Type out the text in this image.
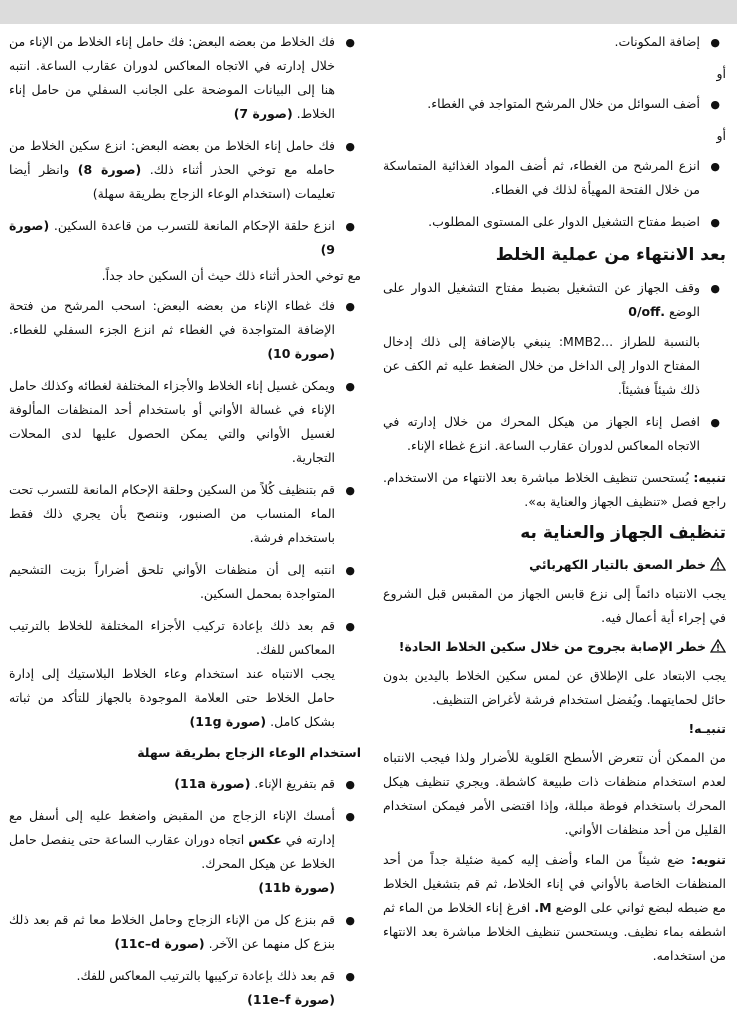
●
إضافة المكونات.
أو
●
أضف السوائل من خلال المرشح المتواجد في الغطاء.
أو
●
انزع المرشح من الغطاء، ثم أضف المواد الغذائية المتماسكة من خلال الفتحة المهيأة لذلك في الغطاء.
●
اضبط مفتاح التشغيل الدوار على المستوى المطلوب.
بعد الانتهاء من عملية الخلط
●
وقف الجهاز عن التشغيل بضبط مفتاح التشغيل الدوار على الوضع 0/off.
بالنسبة للطراز ...MMB2: ينبغي بالإضافة إلى ذلك إدخال المفتاح الدوار إلى الداخل من خلال الضغط عليه ثم الكف عن ذلك شيئاً فشيئاً.
●
افصل إناء الجهاز من هيكل المحرك من خلال إدارته في الاتجاه المعاكس لدوران عقارب الساعة. انزع غطاء الإناء.
تنبيه: يُستحسن تنظيف الخلاط مباشرة بعد الانتهاء من الاستخدام. راجع فصل «تنظيف الجهاز والعناية به».
تنظيف الجهاز والعناية به
خطر الصعق بالتيار الكهربائي
يجب الانتباه دائماً إلى نزع قابس الجهاز من المقبس قبل الشروع في إجراء أية أعمال فيه.
خطر الإصابة بجروح من خلال سكين الخلاط الحادة!
يجب الابتعاد على الإطلاق عن لمس سكين الخلاط باليدين بدون حائل لحمايتهما. ويُفضل استخدام فرشة لأغراض التنظيف.
تنبيـه!
من الممكن أن تتعرض الأسطح العَلوية للأضرار ولذا فيجب الانتباه لعدم استخدام منظفات ذات طبيعة كاشطة. ويجري تنظيف هيكل المحرك باستخدام فوطة مبللة، وإذا اقتضى الأمر فيمكن استخدام القليل من أحد منظفات الأواني.
تنويه: ضع شيئاً من الماء وأضف إليه كمية ضئيلة جداً من أحد المنظفات الخاصة بالأواني في إناء الخلاط، ثم قم بتشغيل الخلاط مع ضبطه لبضع ثواني على الوضع M. افرغ إناء الخلاط من الماء ثم اشطفه بماء نظيف. ويستحسن تنظيف الخلاط مباشرة بعد الانتهاء من استخدامه.
●
فك الخلاط من بعضه البعض: فك حامل إناء الخلاط من الإناء من خلال إدارته في الاتجاه المعاكس لدوران عقارب الساعة. انتبه هنا إلى البيانات الموضحة على الجانب السفلي من حامل إناء الخلاط. (صورة 7)
●
فك حامل إناء الخلاط من بعضه البعض: انزع سكين الخلاط من حامله مع توخي الحذر أثناء ذلك. (صورة 8) وانظر أيضا تعليمات (استخدام الوعاء الزجاج بطريقة سهلة)
●
انزع حلقة الإحكام المانعة للتسرب من قاعدة السكين. (صورة 9)
مع توخي الحذر أثناء ذلك حيث أن السكين حاد جداً.
●
فك غطاء الإناء من بعضه البعض: اسحب المرشح من فتحة الإضافة المتواجدة في الغطاء ثم انزع الجزء السفلي للغطاء. (صورة 10)
●
ويمكن غسيل إناء الخلاط والأجزاء المختلفة لغطائه وكذلك حامل الإناء في غسالة الأواني أو باستخدام أحد المنظفات المألوفة لغسيل الأواني والتي يمكن الحصول عليها لدى المحلات التجارية.
●
قم بتنظيف كُلاً من السكين وحلقة الإحكام المانعة للتسرب تحت الماء المنساب من الصنبور، وننصح بأن يجري ذلك فقط باستخدام فرشة.
●
انتبه إلى أن منظفات الأواني تلحق أضراراً بزيت التشحيم المتواجدة بمحمل السكين.
●
قم بعد ذلك بإعادة تركيب الأجزاء المختلفة للخلاط بالترتيب المعاكس للفك.
يجب الانتباه عند استخدام وعاء الخلاط البلاستيك إلى إدارة حامل الخلاط حتى العلامة الموجودة بالجهاز للتأكد من ثباته بشكل كامل. (صورة 11g)
استخدام الوعاء الزجاج بطريقة سهلة
●
قم بتفريغ الإناء. (صورة 11a)
●
أمسك الإناء الزجاج من المقبض واضغط عليه إلى أسفل مع إدارته في عكس اتجاه دوران عقارب الساعة حتى ينفصل حامل الخلاط عن هيكل المحرك.
(صورة 11b)
●
قم بنزع كل من الإناء الزجاج وحامل الخلاط معا ثم قم بعد ذلك بنزع كل منهما عن الآخر. (صورة 11c–d)
●
قم بعد ذلك بإعادة تركيبها بالترتيب المعاكس للفك.
(صورة 11e–f)
